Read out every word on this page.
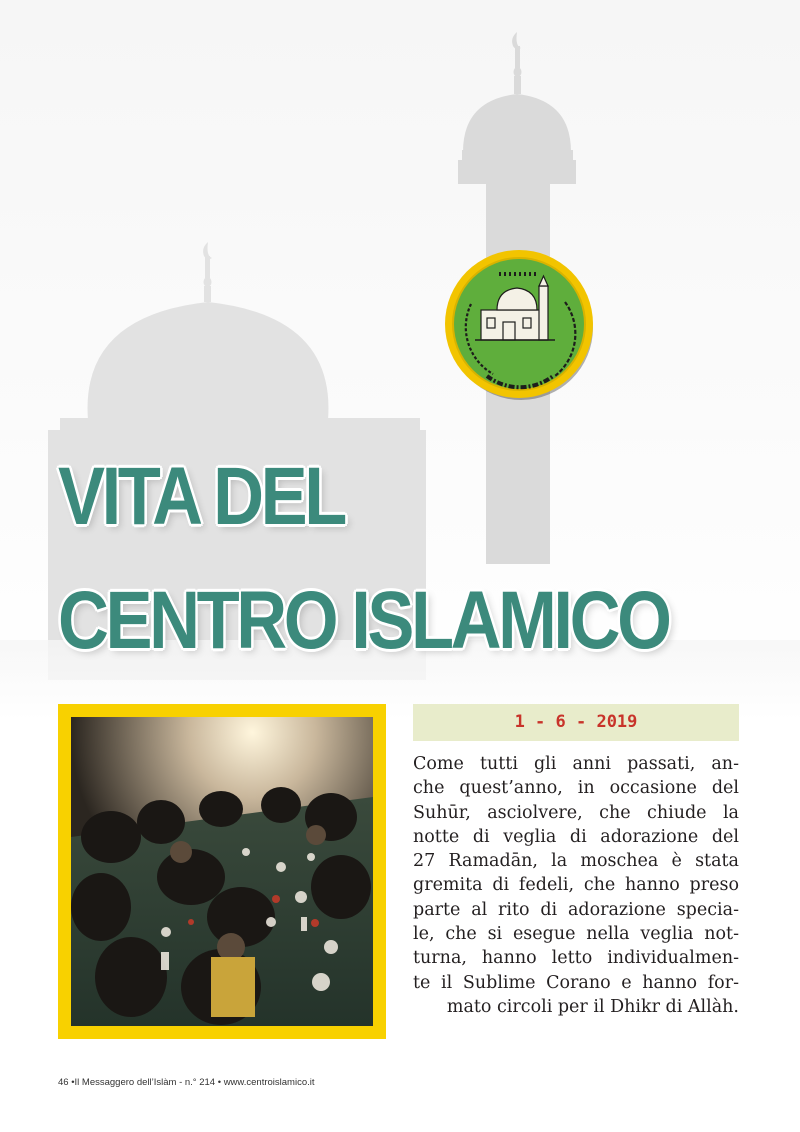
VITA DEL
CENTRO ISLAMICO
1 - 6 - 2019
Come tutti gli anni passati, an-
che quest’anno, in occasione del
Suhūr, asciolvere, che chiude la
notte di veglia di adorazione del
27 Ramadān, la moschea è stata
gremita di fedeli, che hanno preso
parte al rito di adorazione specia-
le, che si esegue nella veglia not-
turna, hanno letto individualmen-
te il Sublime Corano e hanno for-
mato circoli per il Dhikr di Allàh.
46 •Il Messaggero dell’Islàm - n.° 214 • www.centroislamico.it
